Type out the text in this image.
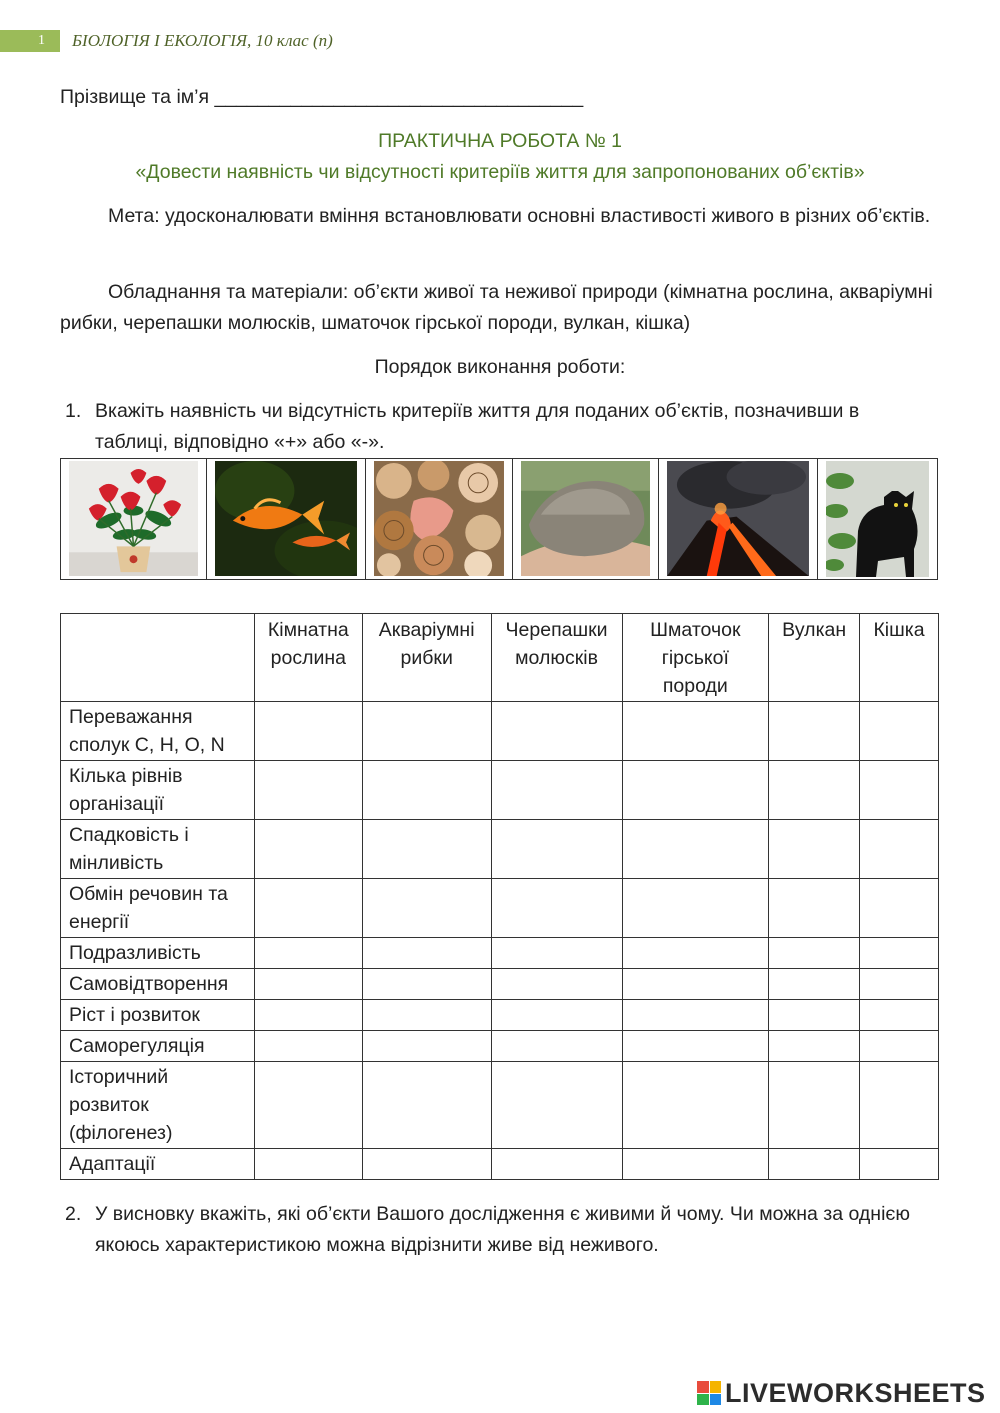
1	БІОЛОГІЯ І ЕКОЛОГІЯ, 10 клас (п)
Прізвище та ім’я __________________________________
ПРАКТИЧНА РОБОТА № 1
«Довести наявність чи відсутності критеріїв життя для запропонованих об’єктів»
Мета: удосконалювати вміння встановлювати основні властивості живого в різних об’єктів.
Обладнання та матеріали: об’єкти живої та неживої природи (кімнатна рослина, акваріумні рибки, черепашки молюсків, шматочок гірської породи, вулкан, кішка)
Порядок виконання роботи:
1. Вкажіть наявність чи відсутність критеріїв життя для поданих об’єктів, позначивши в таблиці, відповідно «+» або «-».
	Кімнатна рослина	Акваріумні рибки	Черепашки молюсків	Шматочок гірської породи	Вулкан	Кішка
Переважання сполук C, H, O, N						
Кілька рівнів організації						
Спадковість і мінливість						
Обмін речовин та енергії						
Подразливість						
Самовідтворення						
Ріст і розвиток						
Саморегуляція						
Історичний розвиток (філогенез)						
Адаптації						
2. У висновку вкажіть, які об’єкти Вашого дослідження є живими й чому. Чи можна за однією якоюсь характеристикою можна відрізнити живе від неживого.
LIVEWORKSHEETS
